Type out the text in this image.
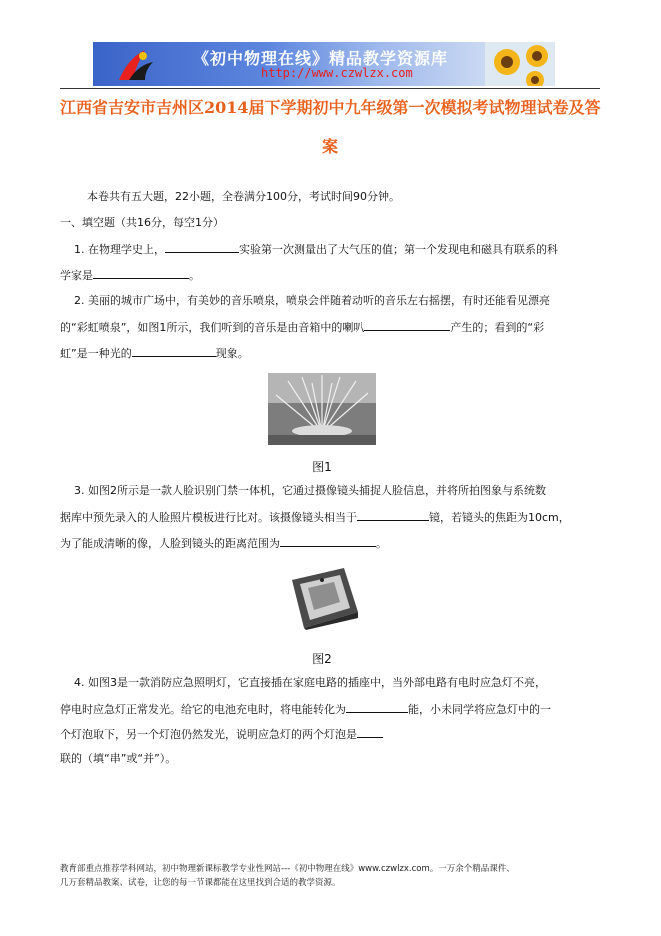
《初中物理在线》精品教学资源库
http://www.czwlzx.com
江西省吉安市吉州区2014届下学期初中九年级第一次模拟考试物理试卷及答
案
本卷共有五大题，22小题，全卷满分100分，考试时间90分钟。
一、填空题（共16分，每空1分）
1. 在物理学史上，	实验第一次测量出了大气压的值；第一个发现电和磁具有联系的科
学家是	。
2. 美丽的城市广场中，有美妙的音乐喷泉，喷泉会伴随着动听的音乐左右摇摆，有时还能看见漂亮
的“彩虹喷泉”，如图1所示，我们听到的音乐是由音箱中的喇叭	产生的；看到的“彩
虹”是一种光的	现象。
图1
3. 如图2所示是一款人脸识别门禁一体机，它通过摄像镜头捕捉人脸信息，并将所拍图象与系统数
据库中预先录入的人脸照片模板进行比对。该摄像镜头相当于	镜，若镜头的焦距为10cm，
为了能成清晰的像，人脸到镜头的距离范围为	。
图2
4. 如图3是一款消防应急照明灯，它直接插在家庭电路的插座中，当外部电路有电时应急灯不亮，
停电时应急灯正常发光。给它的电池充电时，将电能转化为	能，小未同学将应急灯中的一
个灯泡取下，另一个灯泡仍然发光，说明应急灯的两个灯泡是
联的（填“串”或“并”）。
教育部重点推荐学科网站，初中物理新课标教学专业性网站---《初中物理在线》www.czwlzx.com。一万余个精品课件、
几万套精品教案、试卷，让您的每一节课都能在这里找到合适的教学资源。
